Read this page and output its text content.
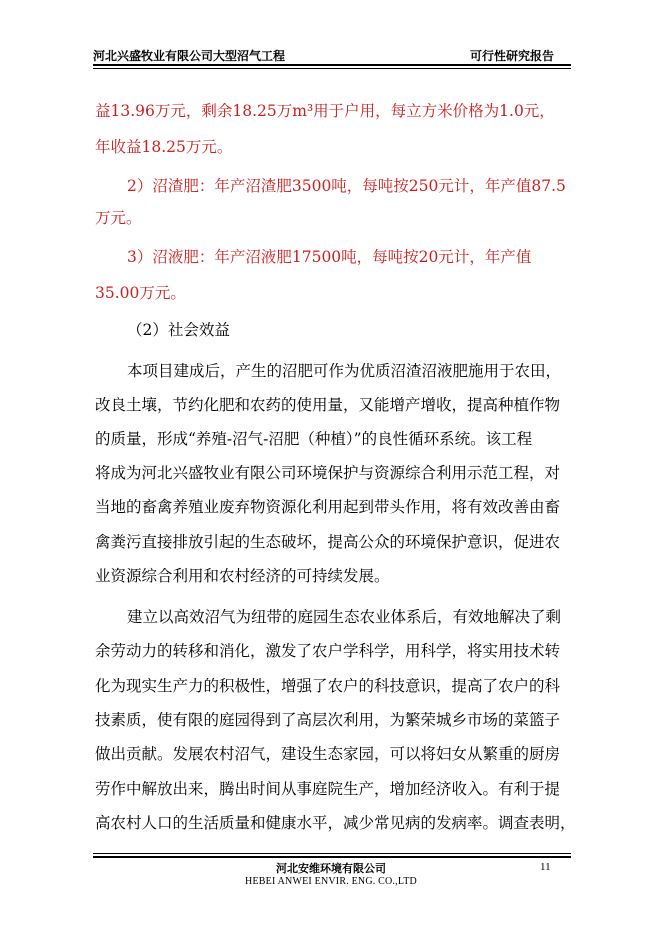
河北兴盛牧业有限公司大型沼气工程	可行性研究报告
益13.96万元，剩余18.25万m³用于户用，每立方米价格为1.0元，
年收益18.25万元。
2）沼渣肥：年产沼渣肥3500吨，每吨按250元计，年产值87.5
万元。
3）沼液肥：年产沼液肥17500吨，每吨按20元计，年产值
35.00万元。
（2）社会效益
本项目建成后，产生的沼肥可作为优质沼渣沼液肥施用于农田，
改良土壤，节约化肥和农药的使用量，又能增产增收，提高种植作物
的质量，形成“养殖-沼气-沼肥（种植）”的良性循环系统。该工程
将成为河北兴盛牧业有限公司环境保护与资源综合利用示范工程，对
当地的畜禽养殖业废弃物资源化利用起到带头作用，将有效改善由畜
禽粪污直接排放引起的生态破坏，提高公众的环境保护意识，促进农
业资源综合利用和农村经济的可持续发展。
建立以高效沼气为纽带的庭园生态农业体系后，有效地解决了剩
余劳动力的转移和消化，激发了农户学科学，用科学，将实用技术转
化为现实生产力的积极性，增强了农户的科技意识，提高了农户的科
技素质，使有限的庭园得到了高层次利用，为繁荣城乡市场的菜篮子
做出贡献。发展农村沼气，建设生态家园，可以将妇女从繁重的厨房
劳作中解放出来，腾出时间从事庭院生产，增加经济收入。有利于提
高农村人口的生活质量和健康水平，减少常见病的发病率。调查表明，
河北安维环境有限公司
HEBEI ANWEI ENVIR. ENG. CO.,LTD
11
